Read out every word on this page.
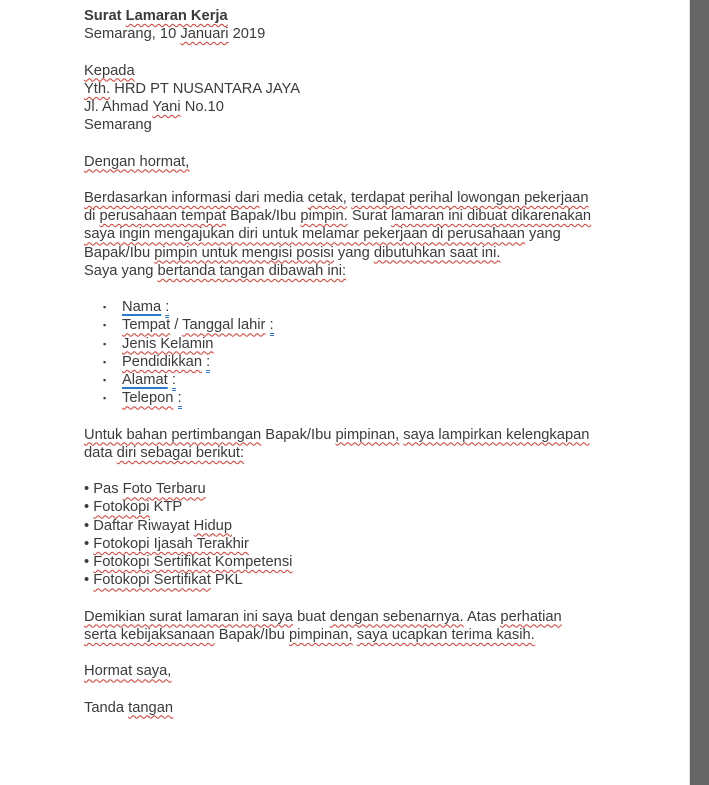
Surat Lamaran Kerja
Semarang, 10 Januari 2019

Kepada
Yth. HRD PT NUSANTARA JAYA
Jl. Ahmad Yani No.10
Semarang

Dengan hormat,

Berdasarkan informasi dari media cetak, terdapat perihal lowongan pekerjaan
di perusahaan tempat Bapak/Ibu pimpin. Surat lamaran ini dibuat dikarenakan
saya ingin mengajukan diri untuk melamar pekerjaan di perusahaan yang
Bapak/Ibu pimpin untuk mengisi posisi yang dibutuhkan saat ini.
Saya yang bertanda tangan dibawah ini:

▪ Nama :
▪ Tempat / Tanggal lahir :
▪ Jenis Kelamin
▪ Pendidikkan :
▪ Alamat :
▪ Telepon :

Untuk bahan pertimbangan Bapak/Ibu pimpinan, saya lampirkan kelengkapan
data diri sebagai berikut:

• Pas Foto Terbaru
• Fotokopi KTP
• Daftar Riwayat Hidup
• Fotokopi Ijasah Terakhir
• Fotokopi Sertifikat Kompetensi
• Fotokopi Sertifikat PKL

Demikian surat lamaran ini saya buat dengan sebenarnya. Atas perhatian
serta kebijaksanaan Bapak/Ibu pimpinan, saya ucapkan terima kasih.

Hormat saya,

Tanda tangan
